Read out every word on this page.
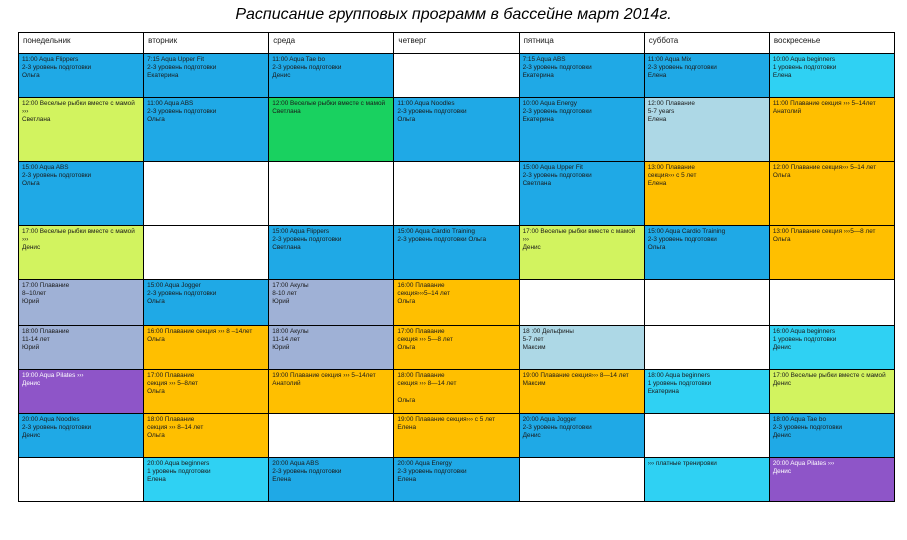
Расписание групповых программ в бассейне март 2014г.
понедельник	вторник	среда	четверг	пятница	суббота	воскресенье

11:00 Aqua Flippers
2-3 уровень подготовки
Ольга	7:15 Aqua Upper Fit
2-3 уровень подготовки
Екатерина	11:00 Aqua Tae bo
2-3 уровень подготовки
Денис		7:15 Aqua ABS
2-3 уровень подготовки
Екатерина	11:00 Aqua Mix
2-3 уровень подготовки
Елена	10:00 Aqua beginners
1 уровень подготовки
Елена

12:00 Веселые рыбки вместе с мамой ›››
Светлана	11:00 Aqua ABS
2-3 уровень подготовки
Ольга	12:00 Веселые рыбки вместе с мамой
Светлана	11:00 Aqua Noodles
2-3 уровень подготовки
Ольга	10:00 Aqua Energy
2-3 уровень подготовки
Екатерина	12:00 Плавание
5-7 years
Елена	11:00 Плавание секция ››› 5–14лет
Анатолий

15:00 Aqua ABS
2-3 уровень подготовки
Ольга				15:00 Aqua Upper Fit
2-3 уровень подготовки
Светлана	13:00 Плавание
секция››› с 5 лет
Елена	12:00 Плавание секция››› 5–14 лет
Ольга

17:00 Веселые рыбки вместе с мамой ›››
Денис		15:00 Aqua Flippers
2-3 уровень подготовки
Светлана	15:00 Aqua Cardio Training
2-3 уровень подготовки Ольга	17:00 Веселые рыбки вместе с мамой ›››
Денис	15:00 Aqua Cardio Training
2-3 уровень подготовки
Ольга	13:00 Плавание секция ›››5—8 лет Ольга

17:00 Плавание
8–10лет
Юрий	15:00 Aqua Jogger
2-3 уровень подготовки
Ольга	17:00 Акулы
8-10 лет
Юрий	16:00 Плавание
секция›››5–14 лет
Ольга			

18:00 Плавание
11-14 лет
Юрий	16:00 Плавание секция ››› 8 –14лет
Ольга	18:00 Акулы
11-14 лет
Юрий	17:00 Плавание
секция ››› 5—8 лет
Ольга	18 :00 Дельфины
5-7 лет
Максим		16:00 Aqua beginners
1 уровень подготовки
Денис

19:00 Aqua Pilates ›››
Денис	17:00 Плавание
секция ››› 5–8лет
Ольга	19:00 Плавание секция ››› 5–14лет
Анатолий	18:00 Плавание
секция ››› 8—14 лет

Ольга	19:00 Плавание секция››› 8—14 лет Максим	18:00 Aqua beginners
1 уровень подготовки
Екатерина	17:00 Веселые рыбки вместе с мамой
Денис

20:00 Aqua Noodles
2-3 уровень подготовки
Денис	18:00 Плавание
секция ››› 8–14 лет
Ольга		19:00 Плавание секция››› с 5 лет
Елена	20:00 Aqua Jogger
2-3 уровень подготовки
Денис		18:00 Aqua Tae bo
2-3 уровень подготовки
Денис

	20:00 Aqua beginners
1 уровень подготовки
Елена	20:00 Aqua ABS
2-3 уровень подготовки
Елена	20:00 Aqua Energy
2-3 уровень подготовки
Елена		››› платные тренировки	20:00 Aqua Pilates ›››
Денис
